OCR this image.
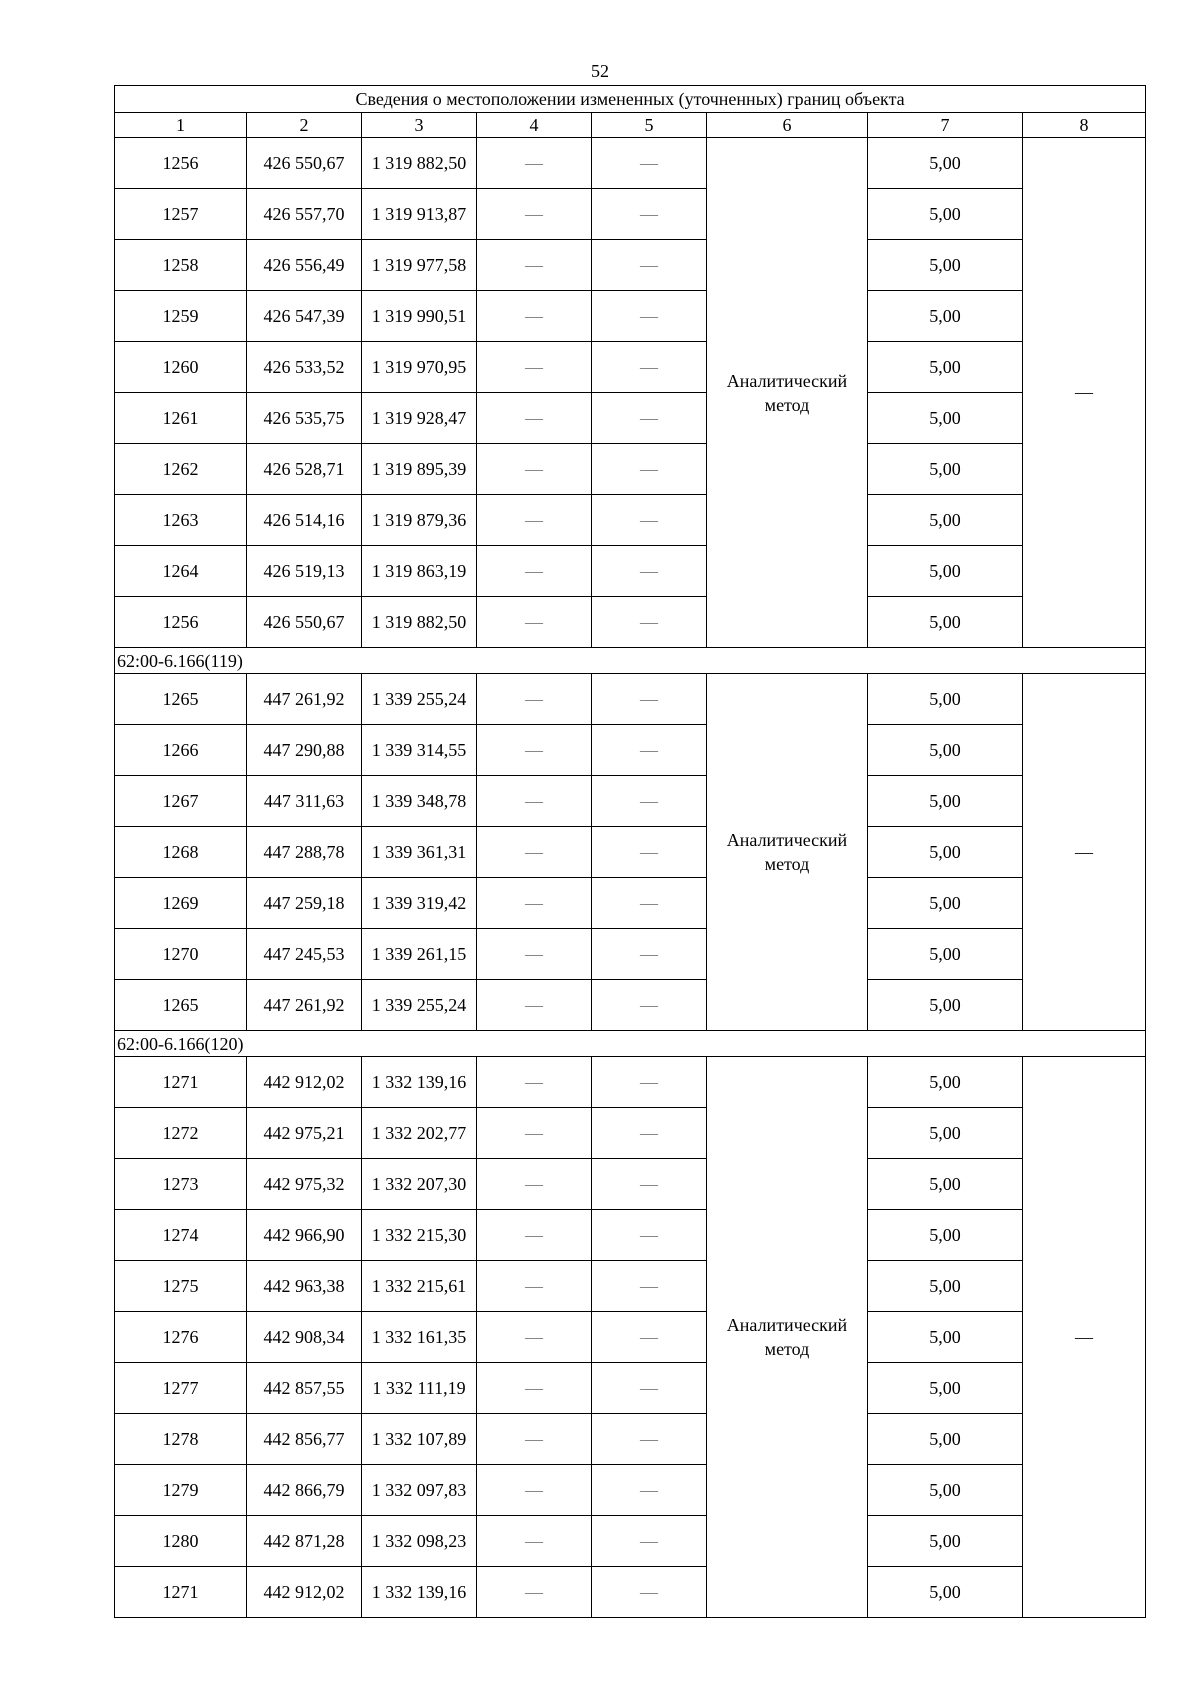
52
Сведения о местоположении измененных (уточненных) границ объекта							
1	2	3	4	5	6	7	8
1256	426 550,67	1 319 882,50	—	—	Аналитический метод	5,00	—
1257	426 557,70	1 319 913,87	—	—		5,00	
1258	426 556,49	1 319 977,58	—	—		5,00	
1259	426 547,39	1 319 990,51	—	—		5,00	
1260	426 533,52	1 319 970,95	—	—		5,00	
1261	426 535,75	1 319 928,47	—	—		5,00	
1262	426 528,71	1 319 895,39	—	—		5,00	
1263	426 514,16	1 319 879,36	—	—		5,00	
1264	426 519,13	1 319 863,19	—	—		5,00	
1256	426 550,67	1 319 882,50	—	—		5,00	
62:00-6.166(119)							
1265	447 261,92	1 339 255,24	—	—	Аналитический метод	5,00	—
1266	447 290,88	1 339 314,55	—	—		5,00	
1267	447 311,63	1 339 348,78	—	—		5,00	
1268	447 288,78	1 339 361,31	—	—		5,00	
1269	447 259,18	1 339 319,42	—	—		5,00	
1270	447 245,53	1 339 261,15	—	—		5,00	
1265	447 261,92	1 339 255,24	—	—		5,00	
62:00-6.166(120)							
1271	442 912,02	1 332 139,16	—	—	Аналитический метод	5,00	—
1272	442 975,21	1 332 202,77	—	—		5,00	
1273	442 975,32	1 332 207,30	—	—		5,00	
1274	442 966,90	1 332 215,30	—	—		5,00	
1275	442 963,38	1 332 215,61	—	—		5,00	
1276	442 908,34	1 332 161,35	—	—		5,00	
1277	442 857,55	1 332 111,19	—	—		5,00	
1278	442 856,77	1 332 107,89	—	—		5,00	
1279	442 866,79	1 332 097,83	—	—		5,00	
1280	442 871,28	1 332 098,23	—	—		5,00	
1271	442 912,02	1 332 139,16	—	—		5,00	
